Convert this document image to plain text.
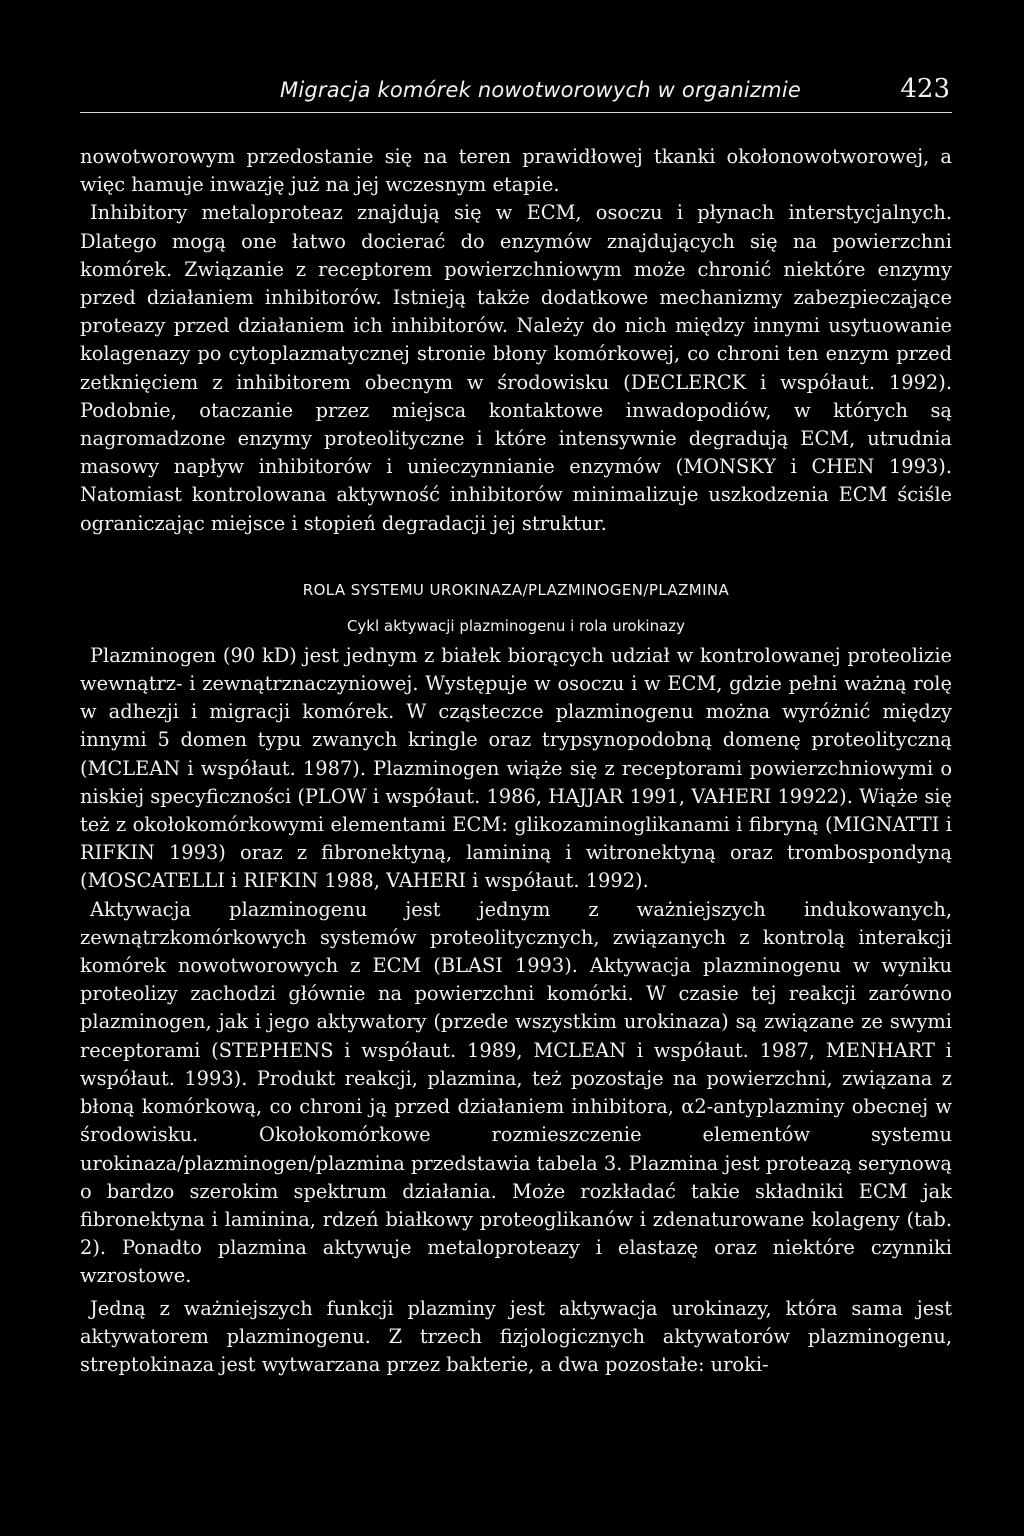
Migracja komórek nowotworowych w organizmie	423

nowotworowym przedostanie się na teren prawidłowej tkanki okołonowotworowej, a więc hamuje inwazję już na jej wczesnym etapie.

Inhibitory metaloproteaz znajdują się w ECM, osoczu i płynach interstycjalnych. Dlatego mogą one łatwo docierać do enzymów znajdujących się na powierzchni komórek. Związanie z receptorem powierzchniowym może chronić niektóre enzymy przed działaniem inhibitorów. Istnieją także dodatkowe mechanizmy zabezpieczające proteazy przed działaniem ich inhibitorów. Należy do nich między innymi usytuowanie kolagenazy po cytoplazmatycznej stronie błony komórkowej, co chroni ten enzym przed zetknięciem z inhibitorem obecnym w środowisku (DECLERCK i współaut. 1992). Podobnie, otaczanie przez miejsca kontaktowe inwadopodiów, w których są nagromadzone enzymy proteolityczne i które intensywnie degradują ECM, utrudnia masowy napływ inhibitorów i unieczynnianie enzymów (MONSKY i CHEN 1993). Natomiast kontrolowana aktywność inhibitorów minimalizuje uszkodzenia ECM ściśle ograniczając miejsce i stopień degradacji jej struktur.

ROLA SYSTEMU UROKINAZA/PLAZMINOGEN/PLAZMINA
Cykl aktywacji plazminogenu i rola urokinazy

Plazminogen (90 kD) jest jednym z białek biorących udział w kontrolowanej proteolizie wewnątrz- i zewnątrznaczyniowej. Występuje w osoczu i w ECM, gdzie pełni ważną rolę w adhezji i migracji komórek. W cząsteczce plazminogenu można wyróżnić między innymi 5 domen typu zwanych kringle oraz trypsynopodobną domenę proteolityczną (MCLEAN i współaut. 1987). Plazminogen wiąże się z receptorami powierzchniowymi o niskiej specyficzności (PLOW i współaut. 1986, HAJJAR 1991, VAHERI 19922). Wiąże się też z okołokomórkowymi elementami ECM: glikozaminoglikanami i fibryną (MIGNATTI i RIFKIN 1993) oraz z fibronektyną, lamininą i witronektyną oraz trombospondyną (MOSCATELLI i RIFKIN 1988, VAHERI i współaut. 1992).

Aktywacja plazminogenu jest jednym z ważniejszych indukowanych, zewnątrzkomórkowych systemów proteolitycznych, związanych z kontrolą interakcji komórek nowotworowych z ECM (BLASI 1993). Aktywacja plazminogenu w wyniku proteolizy zachodzi głównie na powierzchni komórki. W czasie tej reakcji zarówno plazminogen, jak i jego aktywatory (przede wszystkim urokinaza) są związane ze swymi receptorami (STEPHENS i współaut. 1989, MCLEAN i współaut. 1987, MENHART i współaut. 1993). Produkt reakcji, plazmina, też pozostaje na powierzchni, związana z błoną komórkową, co chroni ją przed działaniem inhibitora, α2-antyplazminy obecnej w środowisku. Okołokomórkowe rozmieszczenie elementów systemu urokinaza/plazminogen/plazmina przedstawia tabela 3. Plazmina jest proteazą serynową o bardzo szerokim spektrum działania. Może rozkładać takie składniki ECM jak fibronektyna i laminina, rdzeń białkowy proteoglikanów i zdenaturowane kolageny (tab. 2). Ponadto plazmina aktywuje metaloproteazy i elastazę oraz niektóre czynniki wzrostowe.

Jedną z ważniejszych funkcji plazminy jest aktywacja urokinazy, która sama jest aktywatorem plazminogenu. Z trzech fizjologicznych aktywatorów plazminogenu, streptokinaza jest wytwarzana przez bakterie, a dwa pozostałe: uroki-
